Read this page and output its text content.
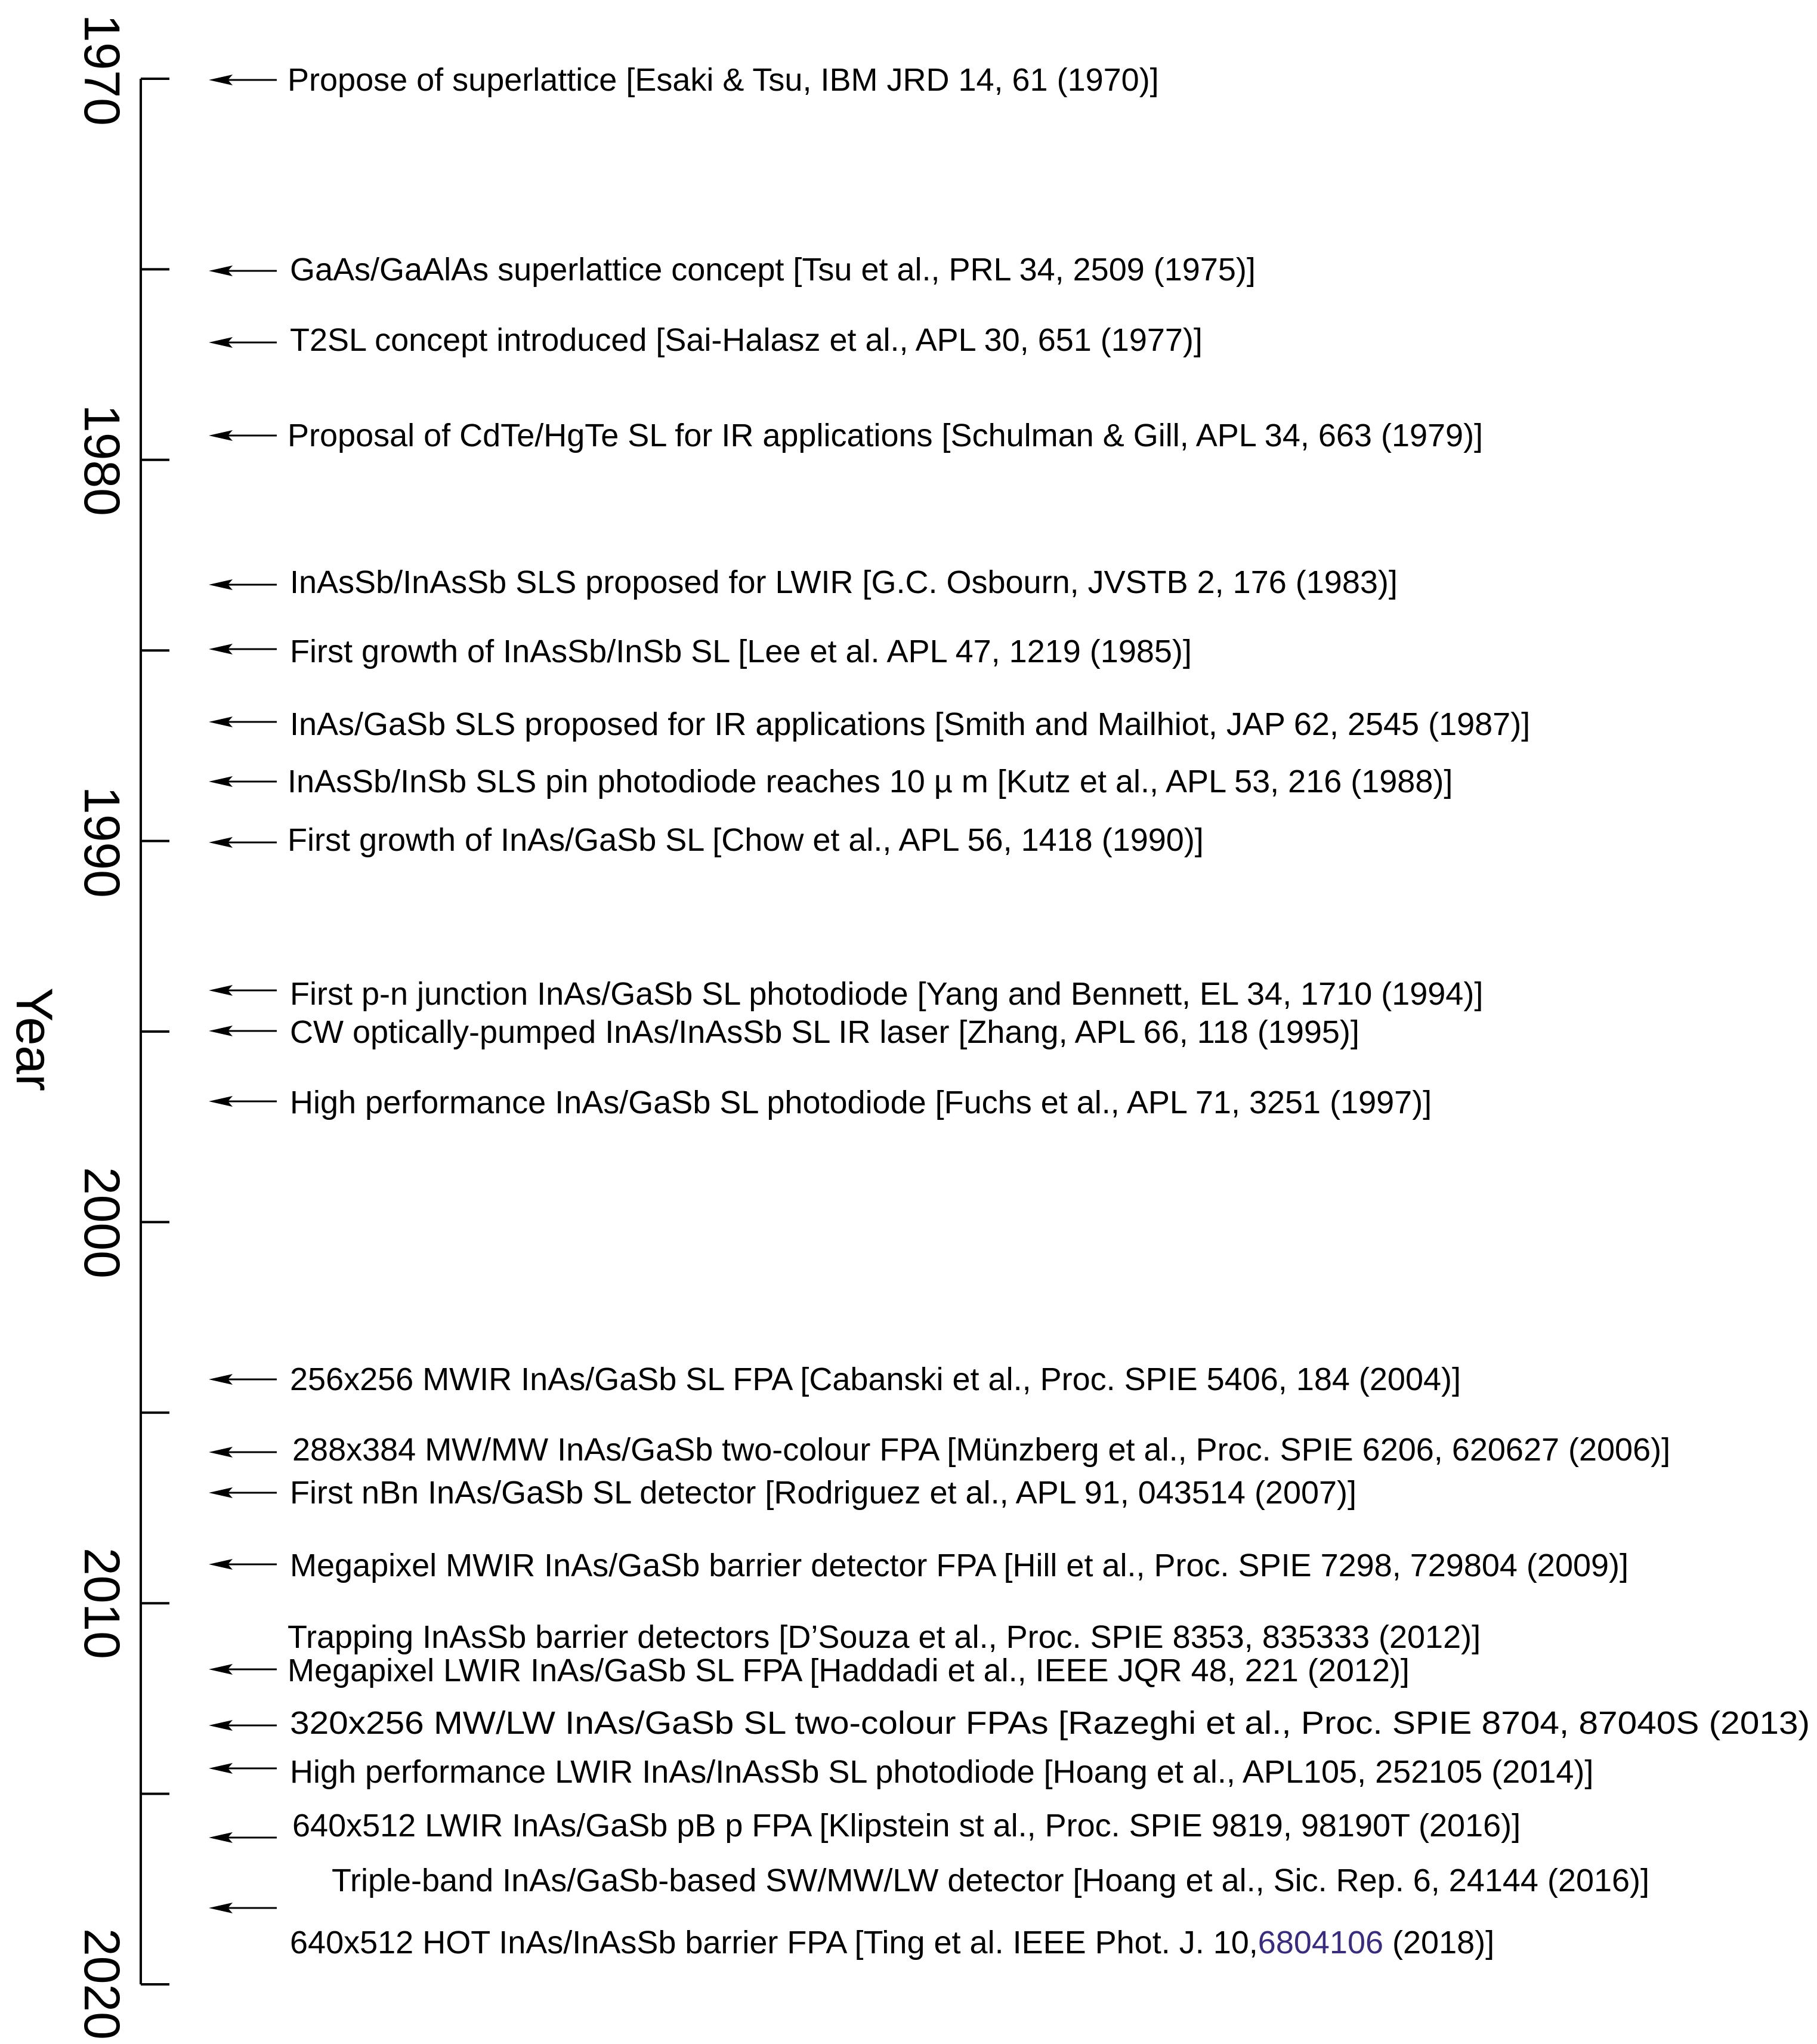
Year
1970
1980
1990
2000
2010
2020
Propose of superlattice [Esaki & Tsu, IBM JRD 14, 61 (1970)]
GaAs/GaAlAs superlattice concept [Tsu et al., PRL 34, 2509 (1975)]
T2SL concept introduced [Sai-Halasz et al., APL 30, 651 (1977)]
Proposal of CdTe/HgTe SL for IR applications [Schulman & Gill, APL 34, 663 (1979)]
InAsSb/InAsSb SLS proposed for LWIR [G.C. Osbourn, JVSTB 2, 176 (1983)]
First growth of InAsSb/InSb SL [Lee et al. APL 47, 1219 (1985)]
InAs/GaSb SLS proposed for IR applications [Smith and Mailhiot, JAP 62, 2545 (1987)]
InAsSb/InSb SLS pin photodiode reaches 10 µ m [Kutz et al., APL 53, 216 (1988)]
First growth of InAs/GaSb SL [Chow et al., APL 56, 1418 (1990)]
First p-n junction InAs/GaSb SL photodiode [Yang and Bennett, EL 34, 1710 (1994)]
CW optically-pumped InAs/InAsSb SL IR laser [Zhang, APL 66, 118 (1995)]
High performance InAs/GaSb SL photodiode [Fuchs et al., APL 71, 3251 (1997)]
256x256 MWIR InAs/GaSb SL FPA [Cabanski et al., Proc. SPIE 5406, 184 (2004)]
288x384 MW/MW InAs/GaSb two-colour FPA [Münzberg et al., Proc. SPIE 6206, 620627 (2006)]
First nBn InAs/GaSb SL detector [Rodriguez et al., APL 91, 043514 (2007)]
Megapixel MWIR InAs/GaSb barrier detector FPA [Hill et al., Proc. SPIE 7298, 729804 (2009)]
Trapping InAsSb barrier detectors [D’Souza et al., Proc. SPIE 8353, 835333 (2012)]
Megapixel LWIR InAs/GaSb SL FPA [Haddadi et al., IEEE JQR 48, 221 (2012)]
320x256 MW/LW InAs/GaSb SL two-colour FPAs [Razeghi et al., Proc. SPIE 8704, 87040S (2013)
High performance LWIR InAs/InAsSb SL photodiode [Hoang et al., APL105, 252105 (2014)]
640x512 LWIR InAs/GaSb pB p FPA [Klipstein st al., Proc. SPIE 9819, 98190T (2016)]
Triple-band InAs/GaSb-based SW/MW/LW detector [Hoang et al., Sic. Rep. 6, 24144 (2016)]
640x512 HOT InAs/InAsSb barrier FPA [Ting et al. IEEE Phot. J. 10,6804106 (2018)]
